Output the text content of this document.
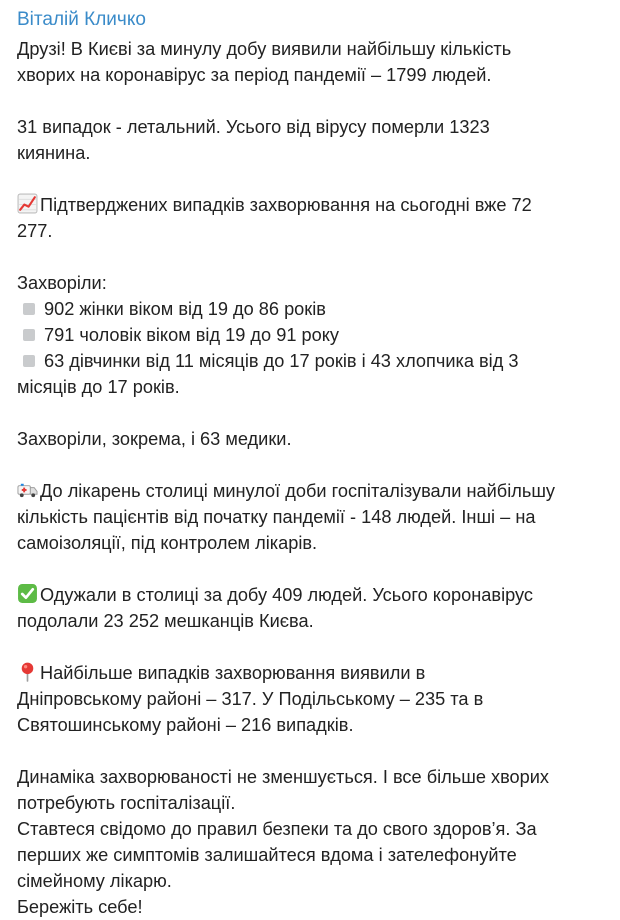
Віталій Кличко

Друзі! В Києві за минулу добу виявили найбільшу кількість
хворих на коронавірус за період пандемії – 1799 людей.

31 випадок - летальний. Усього від вірусу померли 1323
киянина.

Підтверджених випадків захворювання на сьогодні вже 72
277.

Захворіли:
902 жінки віком від 19 до 86 років
791 чоловік віком від 19 до 91 року
63 дівчинки від 11 місяців до 17 років і 43 хлопчика від 3
місяців до 17 років.

Захворіли, зокрема, і 63 медики.

До лікарень столиці минулої доби госпіталізували найбільшу
кількість пацієнтів від початку пандемії - 148 людей. Інші – на
самоізоляції, під контролем лікарів.

Одужали в столиці за добу 409 людей. Усього коронавірус
подолали 23 252 мешканців Києва.

Найбільше випадків захворювання виявили в
Дніпровському районі – 317. У Подільському – 235 та в
Святошинському районі – 216 випадків.

Динаміка захворюваності не зменшується. І все більше хворих
потребують госпіталізації.
Ставтеся свідомо до правил безпеки та до свого здоров’я. За
перших же симптомів залишайтеся вдома і зателефонуйте
сімейному лікарю.
Бережіть себе!
